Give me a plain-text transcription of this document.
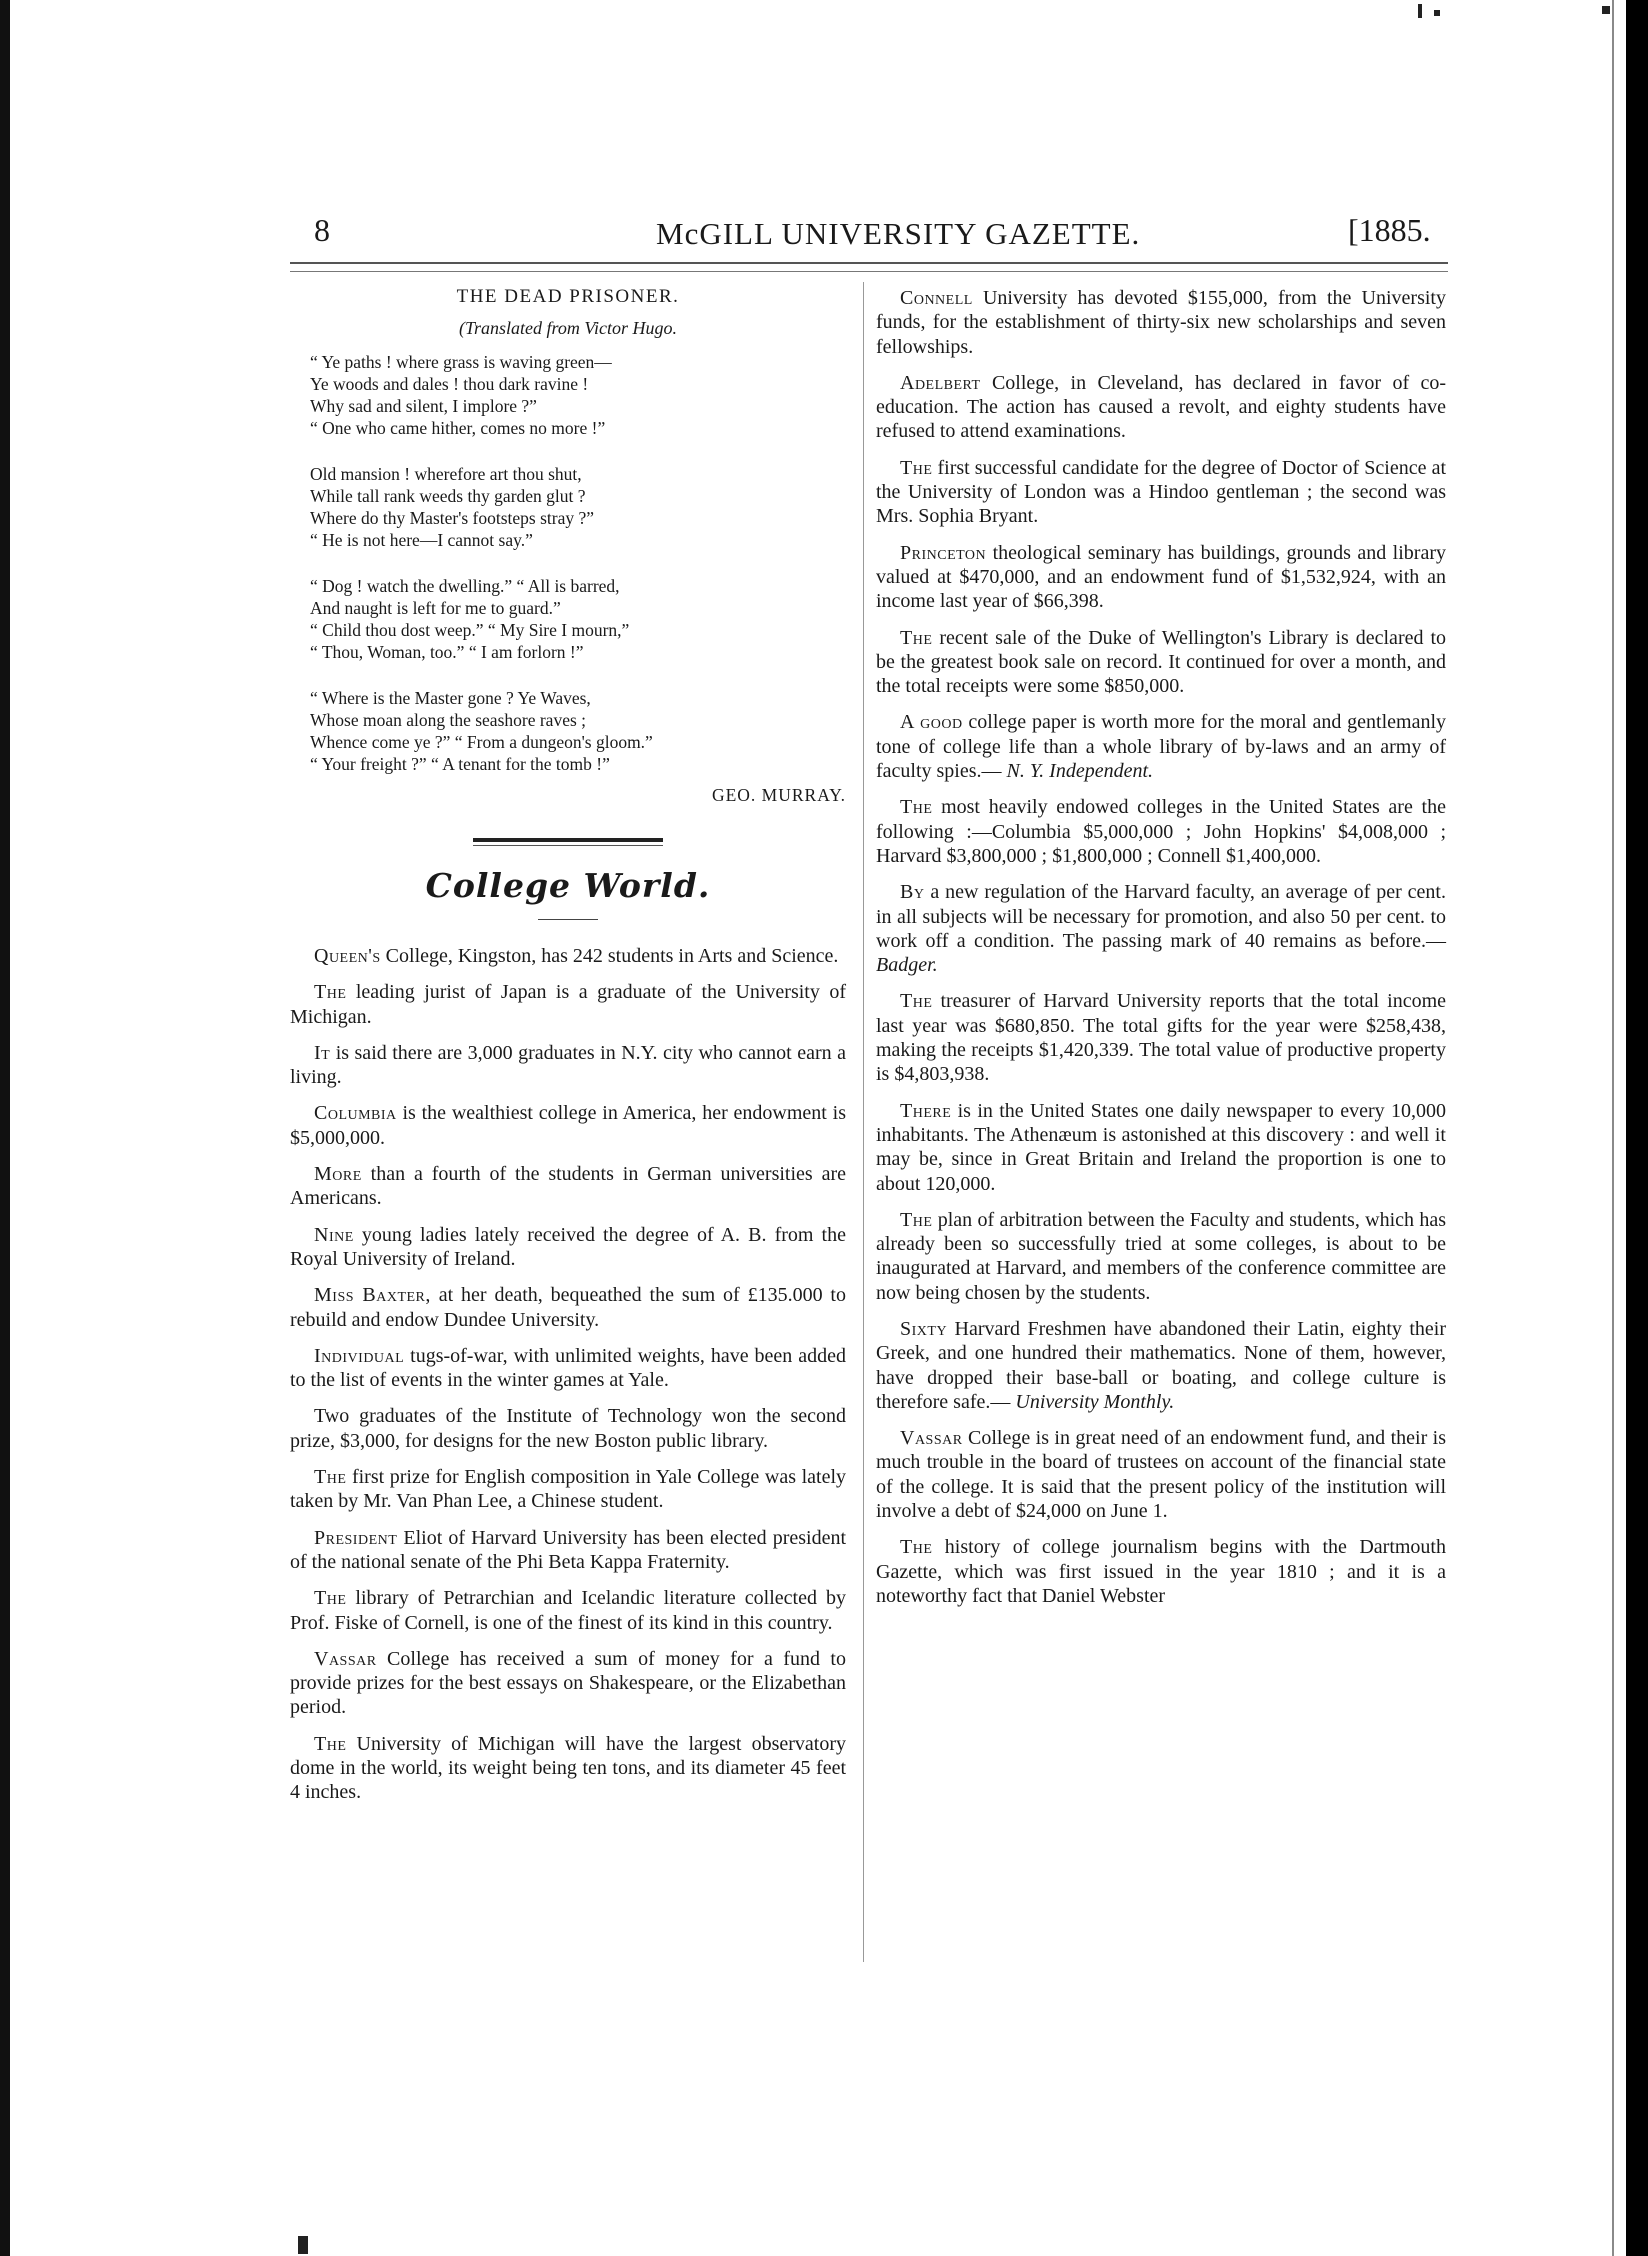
8	McGILL UNIVERSITY GAZETTE.	[1885.
THE DEAD PRISONER.
(Translated from Victor Hugo.
“ Ye paths ! where grass is waving green—
Ye woods and dales ! thou dark ravine !
Why sad and silent, I implore ?”
“ One who came hither, comes no more !”
Old mansion ! wherefore art thou shut,
While tall rank weeds thy garden glut ?
Where do thy Master's footsteps stray ?”
“ He is not here—I cannot say.”
“ Dog ! watch the dwelling.” “ All is barred,
And naught is left for me to guard.”
“ Child thou dost weep.” “ My Sire I mourn,”
“ Thou, Woman, too.” “ I am forlorn !”
“ Where is the Master gone ? Ye Waves,
Whose moan along the seashore raves ;
Whence come ye ?” “ From a dungeon's gloom.”
“ Your freight ?” “ A tenant for the tomb !”
GEO. MURRAY.
College World.

Queen's College, Kingston, has 242 students in Arts and Science.

The leading jurist of Japan is a graduate of the University of Michigan.

It is said there are 3,000 graduates in N.Y. city who cannot earn a living.

Columbia is the wealthiest college in America, her endowment is $5,000,000.

More than a fourth of the students in German universities are Americans.

Nine young ladies lately received the degree of A. B. from the Royal University of Ireland.

Miss Baxter, at her death, bequeathed the sum of £135.000 to rebuild and endow Dundee University.

Individual tugs-of-war, with unlimited weights, have been added to the list of events in the winter games at Yale.

Two graduates of the Institute of Technology won the second prize, $3,000, for designs for the new Boston public library.

The first prize for English composition in Yale College was lately taken by Mr. Van Phan Lee, a Chinese student.

President Eliot of Harvard University has been elected president of the national senate of the Phi Beta Kappa Fraternity.

The library of Petrarchian and Icelandic literature collected by Prof. Fiske of Cornell, is one of the finest of its kind in this country.

Vassar College has received a sum of money for a fund to provide prizes for the best essays on Shakespeare, or the Elizabethan period.

The University of Michigan will have the largest observatory dome in the world, its weight being ten tons, and its diameter 45 feet 4 inches.

Connell University has devoted $155,000, from the University funds, for the establishment of thirty-six new scholarships and seven fellowships.

Adelbert College, in Cleveland, has declared in favor of co-education. The action has caused a revolt, and eighty students have refused to attend examinations.

The first successful candidate for the degree of Doctor of Science at the University of London was a Hindoo gentleman ; the second was Mrs. Sophia Bryant.

Princeton theological seminary has buildings, grounds and library valued at $470,000, and an endowment fund of $1,532,924, with an income last year of $66,398.

The recent sale of the Duke of Wellington's Library is declared to be the greatest book sale on record. It continued for over a month, and the total receipts were some $850,000.

A good college paper is worth more for the moral and gentlemanly tone of college life than a whole library of by-laws and an army of faculty spies.— N. Y. Independent.

The most heavily endowed colleges in the United States are the following :—Columbia $5,000,000 ; John Hopkins' $4,008,000 ; Harvard $3,800,000 ; $1,800,000 ; Connell $1,400,000.

By a new regulation of the Harvard faculty, an average of per cent. in all subjects will be necessary for promotion, and also 50 per cent. to work off a condition. The passing mark of 40 remains as before.— Badger.

The treasurer of Harvard University reports that the total income last year was $680,850. The total gifts for the year were $258,438, making the receipts $1,420,339. The total value of productive property is $4,803,938.

There is in the United States one daily newspaper to every 10,000 inhabitants. The Athenæum is astonished at this discovery : and well it may be, since in Great Britain and Ireland the proportion is one to about 120,000.

The plan of arbitration between the Faculty and students, which has already been so successfully tried at some colleges, is about to be inaugurated at Harvard, and members of the conference committee are now being chosen by the students.

Sixty Harvard Freshmen have abandoned their Latin, eighty their Greek, and one hundred their mathematics. None of them, however, have dropped their base-ball or boating, and college culture is therefore safe.— University Monthly.

Vassar College is in great need of an endowment fund, and their is much trouble in the board of trustees on account of the financial state of the college. It is said that the present policy of the institution will involve a debt of $24,000 on June 1.

The history of college journalism begins with the Dartmouth Gazette, which was first issued in the year 1810 ; and it is a noteworthy fact that Daniel Webster
